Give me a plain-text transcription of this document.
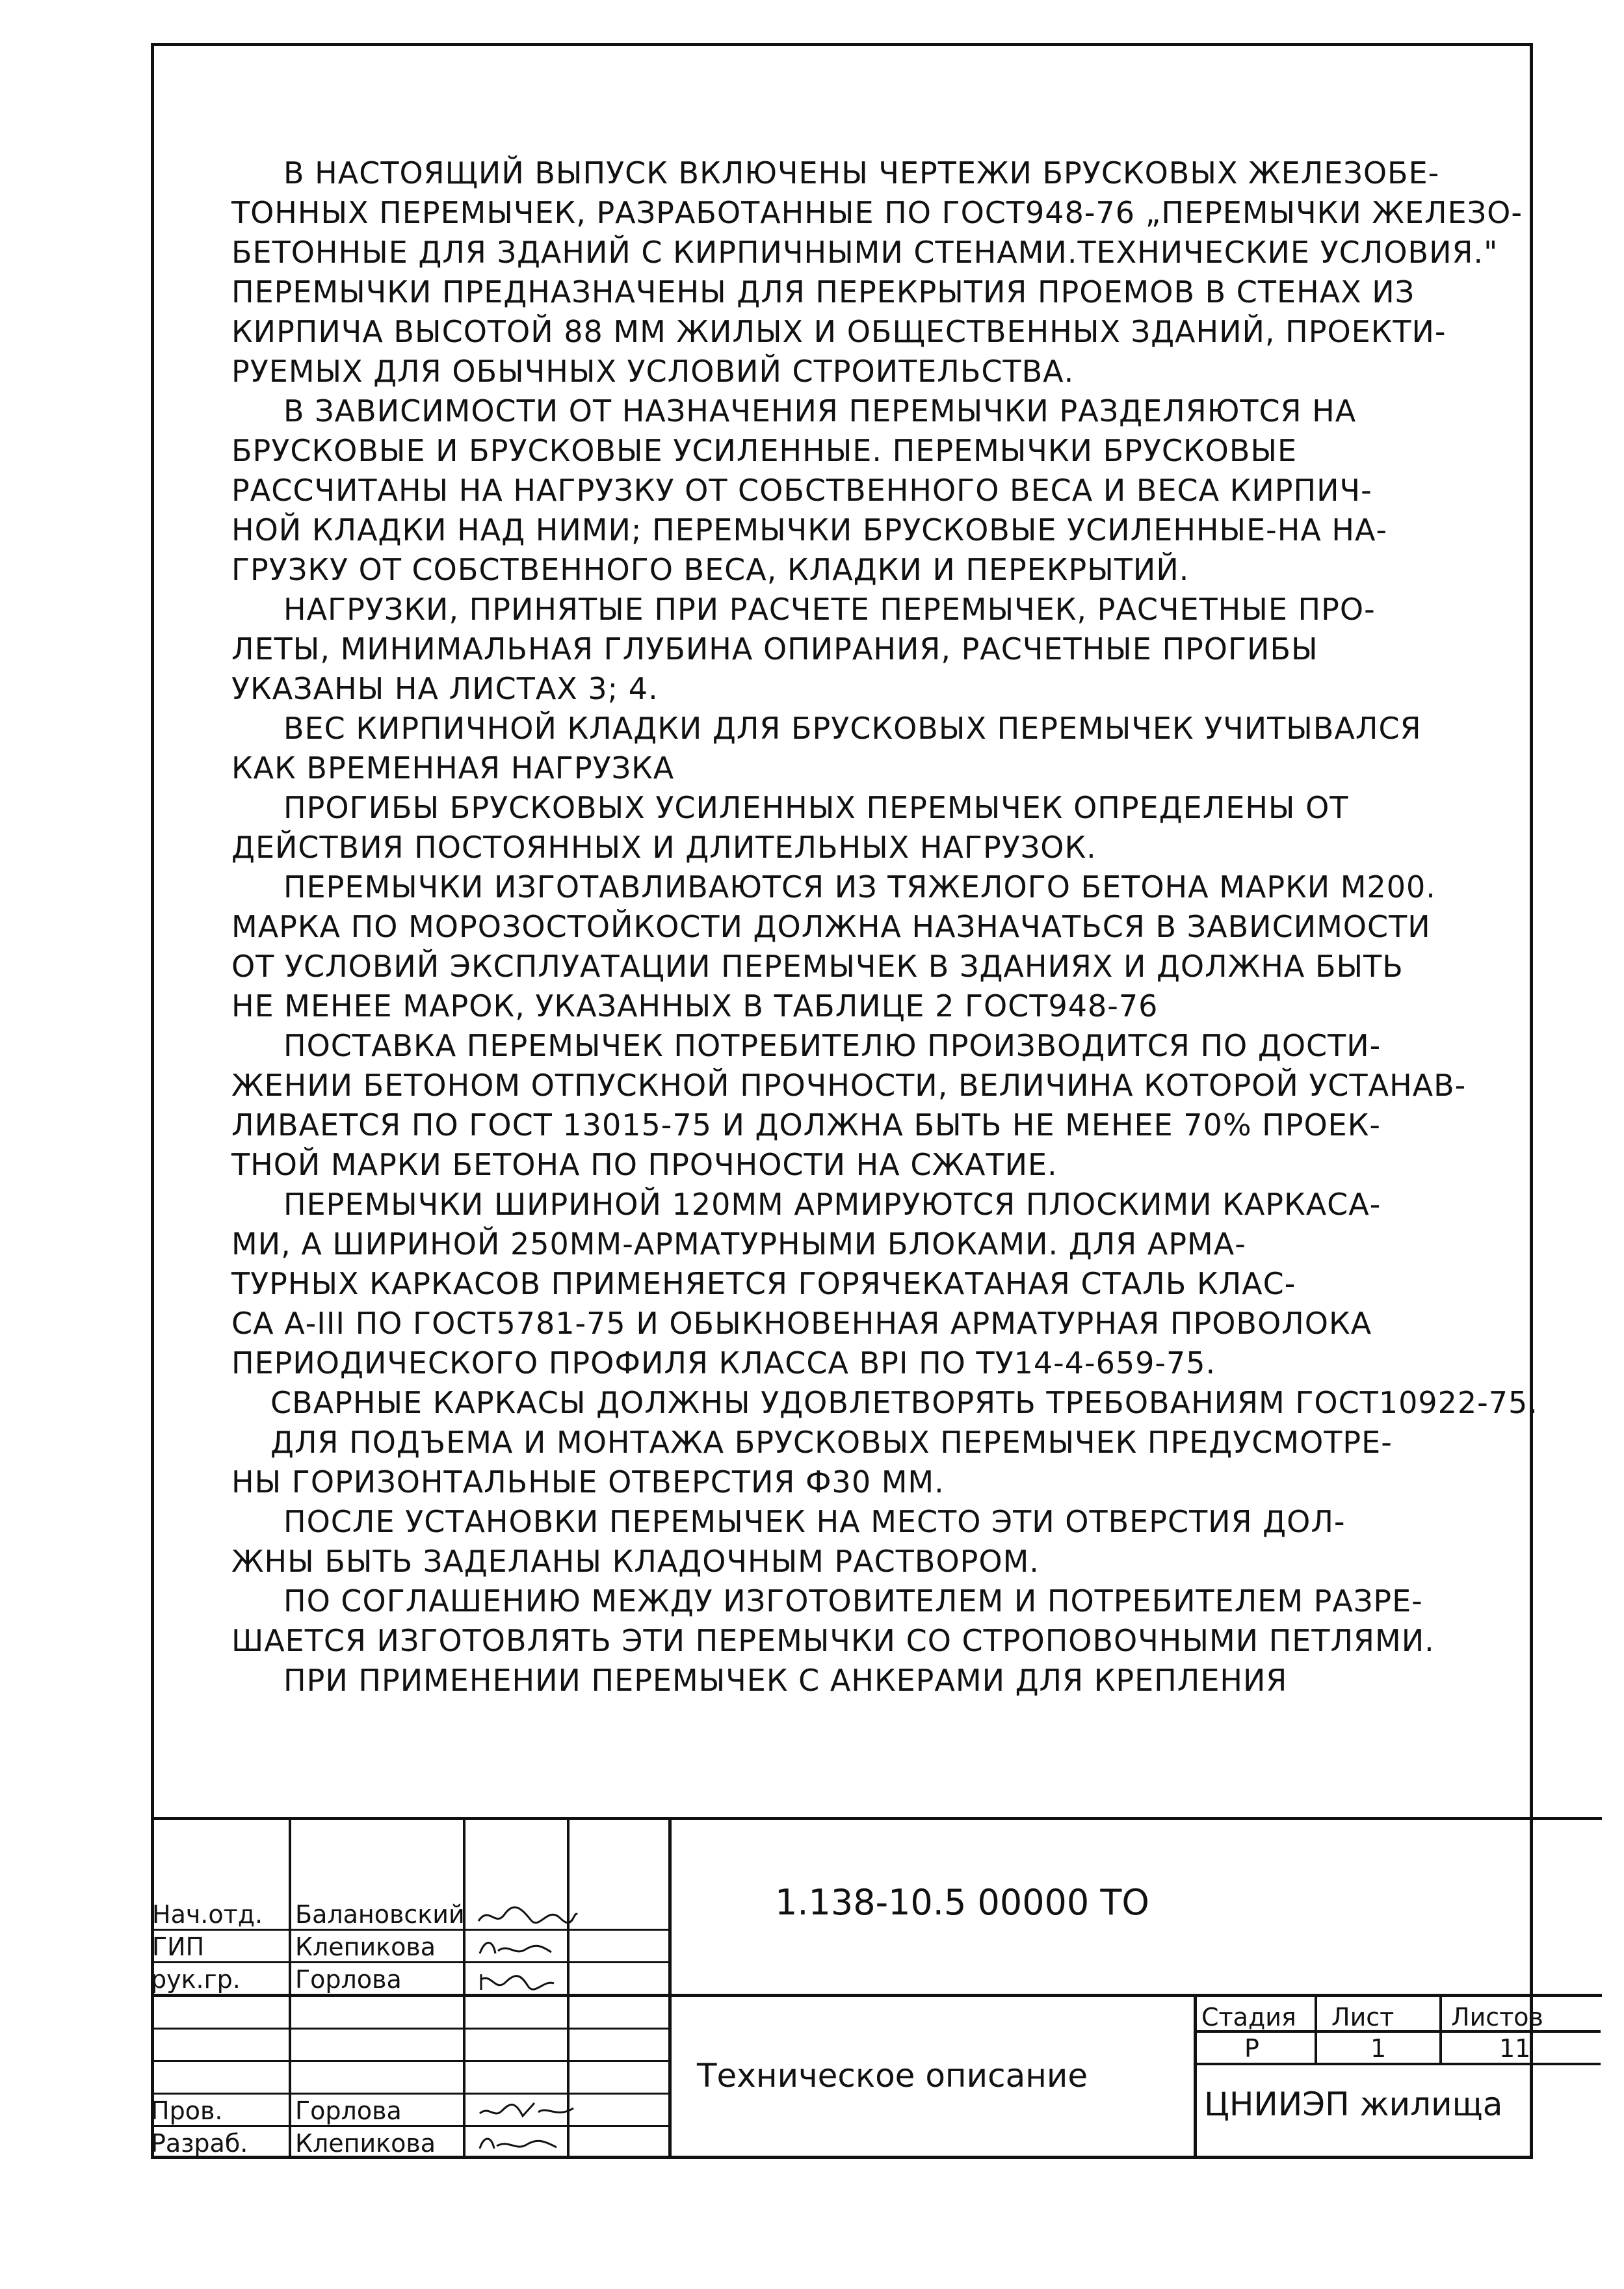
В НАСТОЯЩИЙ ВЫПУСК ВКЛЮЧЕНЫ ЧЕРТЕЖИ БРУСКОВЫХ ЖЕЛЕЗОБЕ-
ТОННЫХ ПЕРЕМЫЧЕК, РАЗРАБОТАННЫЕ ПО ГОСТ948-76 „ПЕРЕМЫЧКИ ЖЕЛЕЗО-
БЕТОННЫЕ ДЛЯ ЗДАНИЙ С КИРПИЧНЫМИ СТЕНАМИ.ТЕХНИЧЕСКИЕ УСЛОВИЯ."
ПЕРЕМЫЧКИ ПРЕДНАЗНАЧЕНЫ ДЛЯ ПЕРЕКРЫТИЯ ПРОЕМОВ В СТЕНАХ ИЗ
КИРПИЧА ВЫСОТОЙ 88 ММ ЖИЛЫХ И ОБЩЕСТВЕННЫХ ЗДАНИЙ, ПРОЕКТИ-
РУЕМЫХ ДЛЯ ОБЫЧНЫХ УСЛОВИЙ СТРОИТЕЛЬСТВА.
В ЗАВИСИМОСТИ ОТ НАЗНАЧЕНИЯ ПЕРЕМЫЧКИ РАЗДЕЛЯЮТСЯ НА
БРУСКОВЫЕ И БРУСКОВЫЕ УСИЛЕННЫЕ. ПЕРЕМЫЧКИ БРУСКОВЫЕ
РАССЧИТАНЫ НА НАГРУЗКУ ОТ СОБСТВЕННОГО ВЕСА И ВЕСА КИРПИЧ-
НОЙ КЛАДКИ НАД НИМИ; ПЕРЕМЫЧКИ БРУСКОВЫЕ УСИЛЕННЫЕ-НА НА-
ГРУЗКУ ОТ СОБСТВЕННОГО ВЕСА, КЛАДКИ И ПЕРЕКРЫТИЙ.
НАГРУЗКИ, ПРИНЯТЫЕ ПРИ РАСЧЕТЕ ПЕРЕМЫЧЕК, РАСЧЕТНЫЕ ПРО-
ЛЕТЫ, МИНИМАЛЬНАЯ ГЛУБИНА ОПИРАНИЯ, РАСЧЕТНЫЕ ПРОГИБЫ
УКАЗАНЫ НА ЛИСТАХ 3; 4.
ВЕС КИРПИЧНОЙ КЛАДКИ ДЛЯ БРУСКОВЫХ ПЕРЕМЫЧЕК УЧИТЫВАЛСЯ
КАК ВРЕМЕННАЯ НАГРУЗКА
ПРОГИБЫ БРУСКОВЫХ УСИЛЕННЫХ ПЕРЕМЫЧЕК ОПРЕДЕЛЕНЫ ОТ
ДЕЙСТВИЯ ПОСТОЯННЫХ И ДЛИТЕЛЬНЫХ НАГРУЗОК.
ПЕРЕМЫЧКИ ИЗГОТАВЛИВАЮТСЯ ИЗ ТЯЖЕЛОГО БЕТОНА МАРКИ М200.
МАРКА ПО МОРОЗОСТОЙКОСТИ ДОЛЖНА НАЗНАЧАТЬСЯ В ЗАВИСИМОСТИ
ОТ УСЛОВИЙ ЭКСПЛУАТАЦИИ ПЕРЕМЫЧЕК В ЗДАНИЯХ И ДОЛЖНА БЫТЬ
НЕ МЕНЕЕ МАРОК, УКАЗАННЫХ В ТАБЛИЦЕ 2 ГОСТ948-76
ПОСТАВКА ПЕРЕМЫЧЕК ПОТРЕБИТЕЛЮ ПРОИЗВОДИТСЯ ПО ДОСТИ-
ЖЕНИИ БЕТОНОМ ОТПУСКНОЙ ПРОЧНОСТИ, ВЕЛИЧИНА КОТОРОЙ УСТАНАВ-
ЛИВАЕТСЯ ПО ГОСТ 13015-75 И ДОЛЖНА БЫТЬ НЕ МЕНЕЕ 70% ПРОЕК-
ТНОЙ МАРКИ БЕТОНА ПО ПРОЧНОСТИ НА СЖАТИЕ.
ПЕРЕМЫЧКИ ШИРИНОЙ 120ММ АРМИРУЮТСЯ ПЛОСКИМИ КАРКАСА-
МИ, А ШИРИНОЙ 250ММ-АРМАТУРНЫМИ БЛОКАМИ. ДЛЯ АРМА-
ТУРНЫХ КАРКАСОВ ПРИМЕНЯЕТСЯ ГОРЯЧЕКАТАНАЯ СТАЛЬ КЛАС-
СА А-III ПО ГОСТ5781-75 И ОБЫКНОВЕННАЯ АРМАТУРНАЯ ПРОВОЛОКА
ПЕРИОДИЧЕСКОГО ПРОФИЛЯ КЛАССА ВРI ПО ТУ14-4-659-75.
СВАРНЫЕ КАРКАСЫ ДОЛЖНЫ УДОВЛЕТВОРЯТЬ ТРЕБОВАНИЯМ ГОСТ10922-75.
ДЛЯ ПОДЪЕМА И МОНТАЖА БРУСКОВЫХ ПЕРЕМЫЧЕК ПРЕДУСМОТРЕ-
НЫ ГОРИЗОНТАЛЬНЫЕ ОТВЕРСТИЯ Ф30 ММ.
ПОСЛЕ УСТАНОВКИ ПЕРЕМЫЧЕК НА МЕСТО ЭТИ ОТВЕРСТИЯ ДОЛ-
ЖНЫ БЫТЬ ЗАДЕЛАНЫ КЛАДОЧНЫМ РАСТВОРОМ.
ПО СОГЛАШЕНИЮ МЕЖДУ ИЗГОТОВИТЕЛЕМ И ПОТРЕБИТЕЛЕМ РАЗРЕ-
ШАЕТСЯ ИЗГОТОВЛЯТЬ ЭТИ ПЕРЕМЫЧКИ СО СТРОПОВОЧНЫМИ ПЕТЛЯМИ.
ПРИ ПРИМЕНЕНИИ ПЕРЕМЫЧЕК С АНКЕРАМИ ДЛЯ КРЕПЛЕНИЯ
Нач.отд. Балановский
ГИП	Клепикова
рук.гр. Горлова
Пров.	Горлова
Разраб. Клепикова
1.138-10.5 00000 ТО
Техническое описание
Стадия Лист Листов
Р	1	11
ЦНИИЭП жилища
